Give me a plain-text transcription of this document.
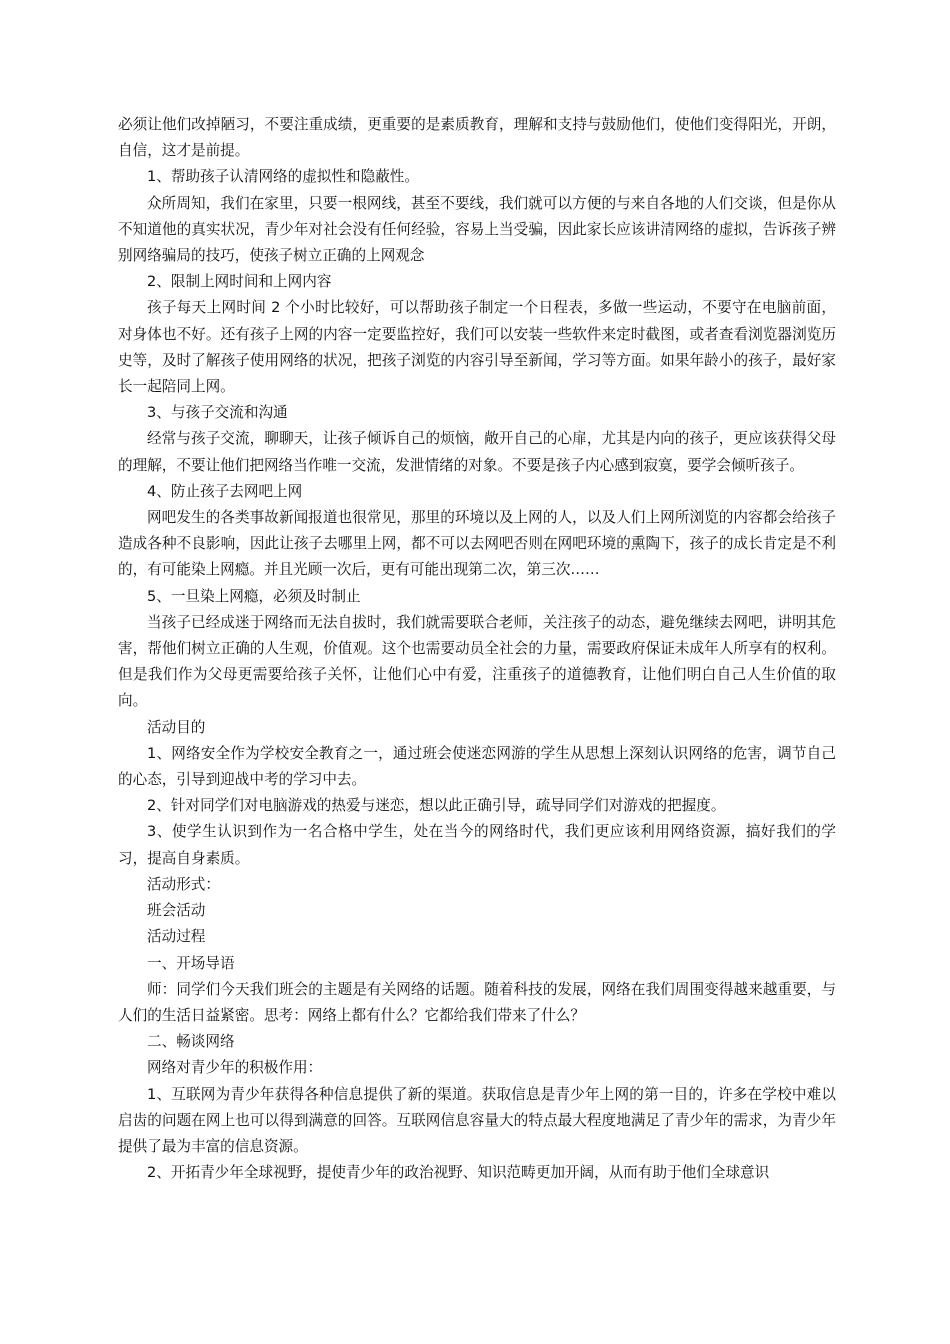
必须让他们改掉陋习，不要注重成绩，更重要的是素质教育，理解和支持与鼓励他们，使他们变得阳光，开朗，自信，这才是前提。

1、帮助孩子认清网络的虚拟性和隐蔽性。

众所周知，我们在家里，只要一根网线，甚至不要线，我们就可以方便的与来自各地的人们交谈，但是你从不知道他的真实状况，青少年对社会没有任何经验，容易上当受骗，因此家长应该讲清网络的虚拟，告诉孩子辨别网络骗局的技巧，使孩子树立正确的上网观念

2、限制上网时间和上网内容

孩子每天上网时间 2 个小时比较好，可以帮助孩子制定一个日程表，多做一些运动，不要守在电脑前面，对身体也不好。还有孩子上网的内容一定要监控好，我们可以安装一些软件来定时截图，或者查看浏览器浏览历史等，及时了解孩子使用网络的状况，把孩子浏览的内容引导至新闻，学习等方面。如果年龄小的孩子，最好家长一起陪同上网。

3、与孩子交流和沟通

经常与孩子交流，聊聊天，让孩子倾诉自己的烦恼，敞开自己的心扉，尤其是内向的孩子，更应该获得父母的理解，不要让他们把网络当作唯一交流，发泄情绪的对象。不要是孩子内心感到寂寞，要学会倾听孩子。

4、防止孩子去网吧上网

网吧发生的各类事故新闻报道也很常见，那里的环境以及上网的人，以及人们上网所浏览的内容都会给孩子造成各种不良影响，因此让孩子去哪里上网，都不可以去网吧否则在网吧环境的熏陶下，孩子的成长肯定是不利的，有可能染上网瘾。并且光顾一次后，更有可能出现第二次，第三次……

5、一旦染上网瘾，必须及时制止

当孩子已经成迷于网络而无法自拔时，我们就需要联合老师，关注孩子的动态，避免继续去网吧，讲明其危害，帮他们树立正确的人生观，价值观。这个也需要动员全社会的力量，需要政府保证未成年人所享有的权利。但是我们作为父母更需要给孩子关怀，让他们心中有爱，注重孩子的道德教育，让他们明白自己人生价值的取向。

活动目的

1、网络安全作为学校安全教育之一，通过班会使迷恋网游的学生从思想上深刻认识网络的危害，调节自己的心态，引导到迎战中考的学习中去。

2、针对同学们对电脑游戏的热爱与迷恋，想以此正确引导，疏导同学们对游戏的把握度。

3、使学生认识到作为一名合格中学生，处在当今的网络时代，我们更应该利用网络资源，搞好我们的学习，提高自身素质。

活动形式：

班会活动

活动过程

一、开场导语

师：同学们今天我们班会的主题是有关网络的话题。随着科技的发展，网络在我们周围变得越来越重要，与人们的生活日益紧密。思考：网络上都有什么？它都给我们带来了什么？

二、畅谈网络

网络对青少年的积极作用：

1、互联网为青少年获得各种信息提供了新的渠道。获取信息是青少年上网的第一目的，许多在学校中难以启齿的问题在网上也可以得到满意的回答。互联网信息容量大的特点最大程度地满足了青少年的需求，为青少年提供了最为丰富的信息资源。

2、开拓青少年全球视野，提使青少年的政治视野、知识范畴更加开阔，从而有助于他们全球意识
